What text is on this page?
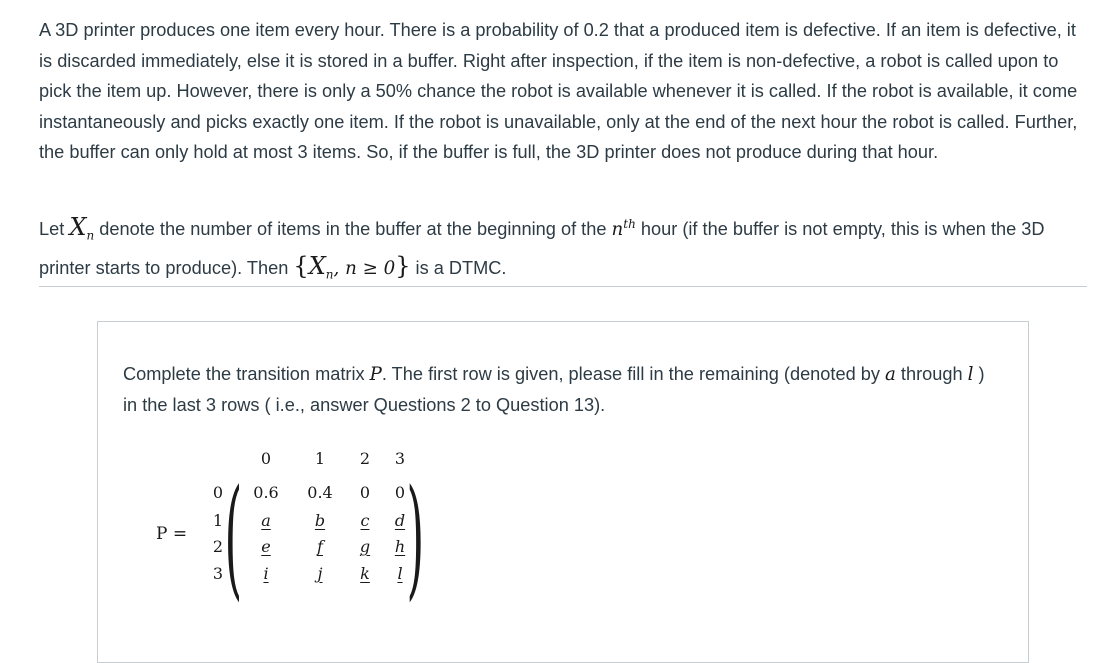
A 3D printer produces one item every hour. There is a probability of 0.2 that a produced item is defective. If an item is defective, it is discarded immediately, else it is stored in a buffer. Right after inspection, if the item is non-defective, a robot is called upon to pick the item up. However, there is only a 50% chance the robot is available whenever it is called. If the robot is available, it come instantaneously and picks exactly one item. If the robot is unavailable, only at the end of the next hour the robot is called. Further, the buffer can only hold at most 3 items. So, if the buffer is full, the 3D printer does not produce during that hour.

Let $X_n$ denote the number of items in the buffer at the beginning of the $n^{th}$ hour (if the buffer is not empty, this is when the 3D printer starts to produce). Then {$X_n$, n ≥ 0} is a DTMC.

Complete the transition matrix P. The first row is given, please fill in the remaining (denoted by a through l ) in the last 3 rows ( i.e., answer Questions 2 to Question 13).

P =
0	1 2 3
0
1
2
3 ( )
0.6 0.4 0 0
a	b c d
e	f g h
i	j k l
